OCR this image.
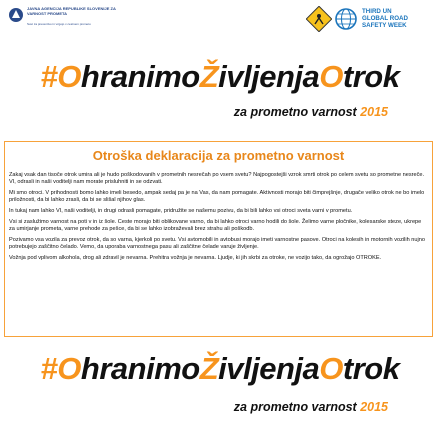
JAVNA AGENCIJA REPUBLIKE SLOVENIJE ZA VARNOST PROMETA
Svet za preventivo in vzgojo v cestnem prometu
THIRD UN
GLOBAL ROAD
SAFETY WEEK
#OhranimoŽivljenjaOtrok
za prometno varnost 2015
Otroška deklaracija za prometno varnost

Zakaj vsak dan tisoče otrok umira ali je hudo poškodovanih v prometnih nesrečah po vsem svetu? Najpogostejši vzrok smrti otrok po celem svetu so prometne nesreče. VI, odrasli in naši voditelji nam morate prisluhniti in se odzvati.

Mi smo otroci. V prihodnosti bomo lahko imeli besedo, ampak sedaj pa je na Vas, da nam pomagate. Aktivnosti morajo biti čimprejšnje, drugače veliko otrok ne bo imelo priložnosti, da bi lahko zrasli, da bi se slišal njihov glas.

In tukaj nam lahko VI, naši voditelji, in drugi odrasli pomagate, pridružite se našemu pozivu, da bi bili lahko vsi otroci sveta varni v prometu.

Vsi si zaslužimo varnost na poti v in iz šole. Ceste morajo biti oblikovane varno, da bi lahko otroci varno hodili do šole. Želimo varne pločnike, kolesarske steze, ukrepe za umirjanje prometa, varne prehode za pešce, da bi se lahko izobraževali brez strahu ali poškodb.

Pozivamo vsa vozila za prevoz otrok, da so varna, kjerkoli po svetu. Vsi avtomobili in avtobusi morajo imeti varnostne pasove. Otroci na kolesih in motornih vozilih nujno potrebujejo zaščitno čelado. Vemo, da uporaba varnostnega pasu ali zaščitne čelade varuje življenje.

Vožnja pod vplivom alkohola, drog ali zdravil je nevarna. Prehitra vožnja je nevarna. Ljudje, ki jih skrbi za otroke, ne vozijo tako, da ogrožajo OTROKE.

#OhranimoŽivljenjaOtrok
za prometno varnost 2015
